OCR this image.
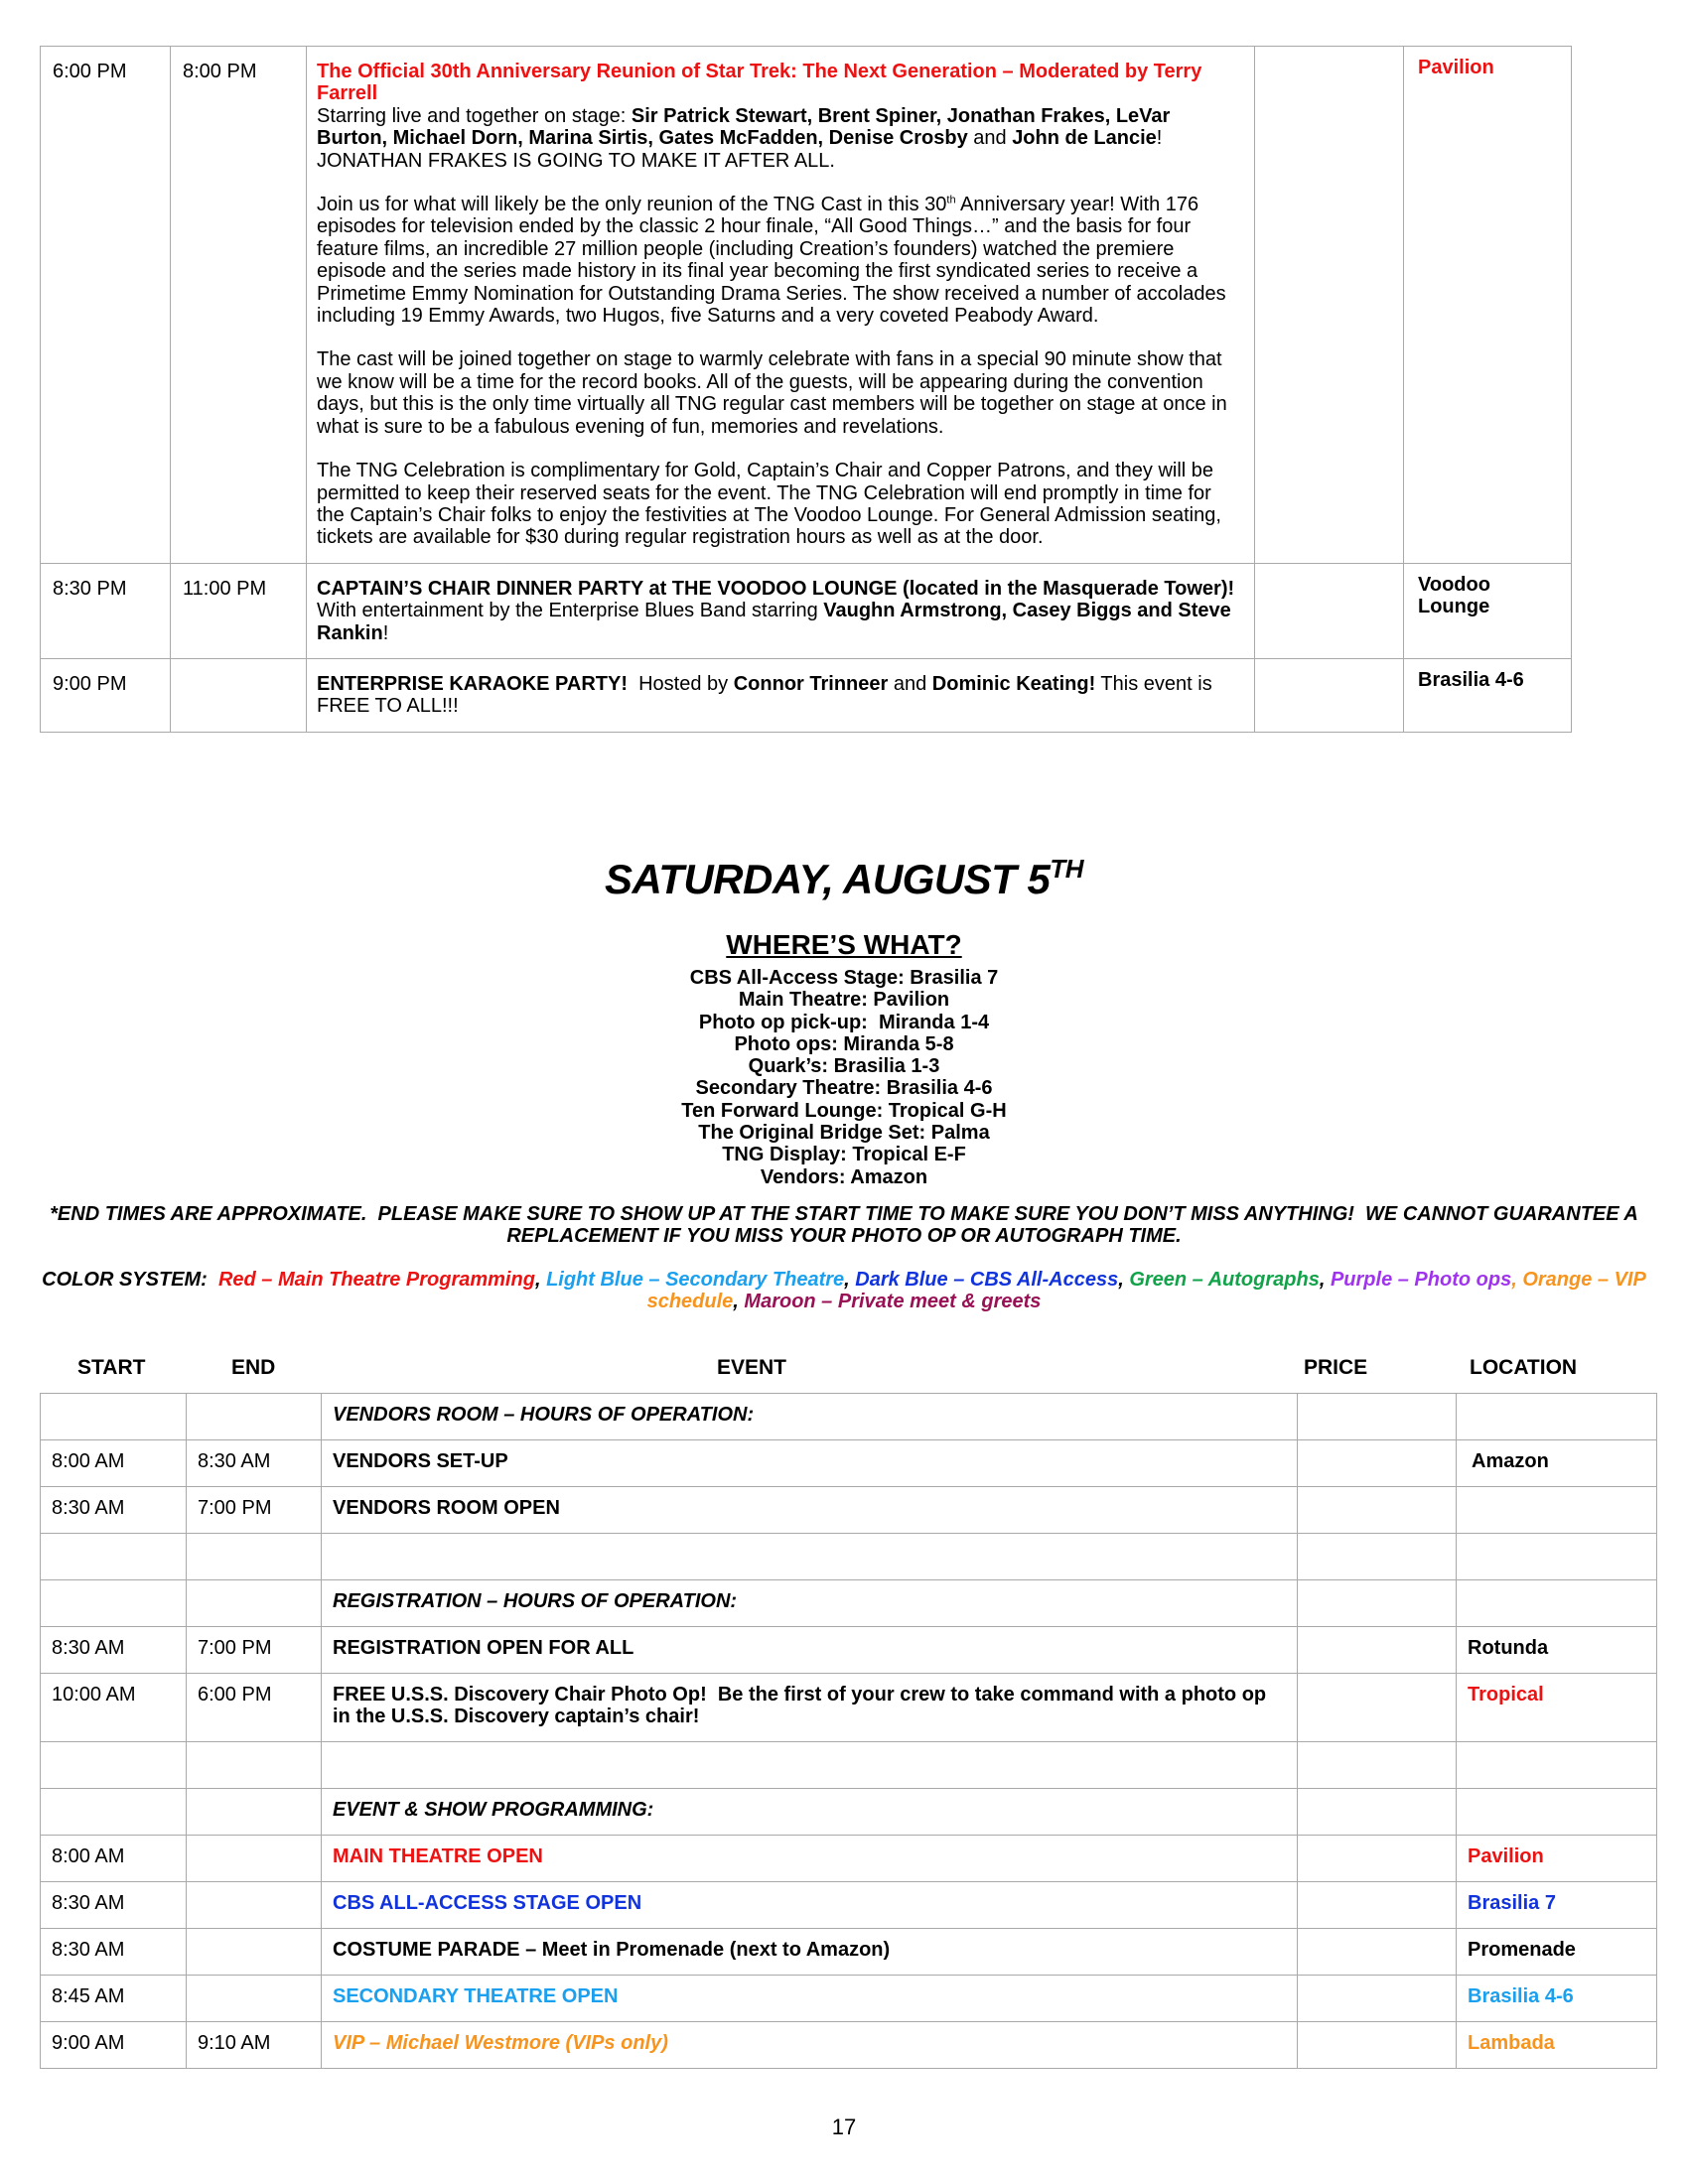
6:00 PM	8:00 PM	The Official 30th Anniversary Reunion of Star Trek: The Next Generation – Moderated by Terry Farrell
Starring live and together on stage: Sir Patrick Stewart, Brent Spiner, Jonathan Frakes, LeVar Burton, Michael Dorn, Marina Sirtis, Gates McFadden, Denise Crosby and John de Lancie! JONATHAN FRAKES IS GOING TO MAKE IT AFTER ALL.
Join us for what will likely be the only reunion of the TNG Cast in this 30th Anniversary year! With 176 episodes for television ended by the classic 2 hour finale, “All Good Things…” and the basis for four feature films, an incredible 27 million people (including Creation’s founders) watched the premiere episode and the series made history in its final year becoming the first syndicated series to receive a Primetime Emmy Nomination for Outstanding Drama Series. The show received a number of accolades including 19 Emmy Awards, two Hugos, five Saturns and a very coveted Peabody Award.
The cast will be joined together on stage to warmly celebrate with fans in a special 90 minute show that we know will be a time for the record books. All of the guests, will be appearing during the convention days, but this is the only time virtually all TNG regular cast members will be together on stage at once in what is sure to be a fabulous evening of fun, memories and revelations.
The TNG Celebration is complimentary for Gold, Captain’s Chair and Copper Patrons, and they will be permitted to keep their reserved seats for the event. The TNG Celebration will end promptly in time for the Captain’s Chair folks to enjoy the festivities at The Voodoo Lounge. For General Admission seating, tickets are available for $30 during regular registration hours as well as at the door.		Pavilion
8:30 PM	11:00 PM	CAPTAIN’S CHAIR DINNER PARTY at THE VOODOO LOUNGE (located in the Masquerade Tower)!  With entertainment by the Enterprise Blues Band starring Vaughn Armstrong, Casey Biggs and Steve Rankin!		Voodoo Lounge
9:00 PM		ENTERPRISE KARAOKE PARTY!  Hosted by Connor Trinneer and Dominic Keating! This event is FREE TO ALL!!!		Brasilia 4-6
SATURDAY, AUGUST 5TH
WHERE’S WHAT?
CBS All-Access Stage: Brasilia 7
Main Theatre: Pavilion
Photo op pick-up:  Miranda 1-4
Photo ops: Miranda 5-8
Quark’s: Brasilia 1-3
Secondary Theatre: Brasilia 4-6
Ten Forward Lounge: Tropical G-H
The Original Bridge Set: Palma
TNG Display: Tropical E-F
Vendors: Amazon

*END TIMES ARE APPROXIMATE.  PLEASE MAKE SURE TO SHOW UP AT THE START TIME TO MAKE SURE YOU DON’T MISS ANYTHING!  WE CANNOT GUARANTEE A REPLACEMENT IF YOU MISS YOUR PHOTO OP OR AUTOGRAPH TIME.

COLOR SYSTEM:  Red – Main Theatre Programming, Light Blue – Secondary Theatre, Dark Blue – CBS All-Access, Green – Autographs, Purple – Photo ops, Orange – VIP schedule, Maroon – Private meet & greets

START	END	EVENT	PRICE	LOCATION
		VENDORS ROOM – HOURS OF OPERATION:		
8:00 AM	8:30 AM	VENDORS SET-UP		Amazon
8:30 AM	7:00 PM	VENDORS ROOM OPEN		

		REGISTRATION – HOURS OF OPERATION:		
8:30 AM	7:00 PM	REGISTRATION OPEN FOR ALL		Rotunda
10:00 AM	6:00 PM	FREE U.S.S. Discovery Chair Photo Op!  Be the first of your crew to take command with a photo op in the U.S.S. Discovery captain’s chair!		Tropical

		EVENT & SHOW PROGRAMMING:		
8:00 AM		MAIN THEATRE OPEN		Pavilion
8:30 AM		CBS ALL-ACCESS STAGE OPEN		Brasilia 7
8:30 AM		COSTUME PARADE – Meet in Promenade (next to Amazon)		Promenade
8:45 AM		SECONDARY THEATRE OPEN		Brasilia 4-6
9:00 AM	9:10 AM	VIP – Michael Westmore (VIPs only)		Lambada
17
